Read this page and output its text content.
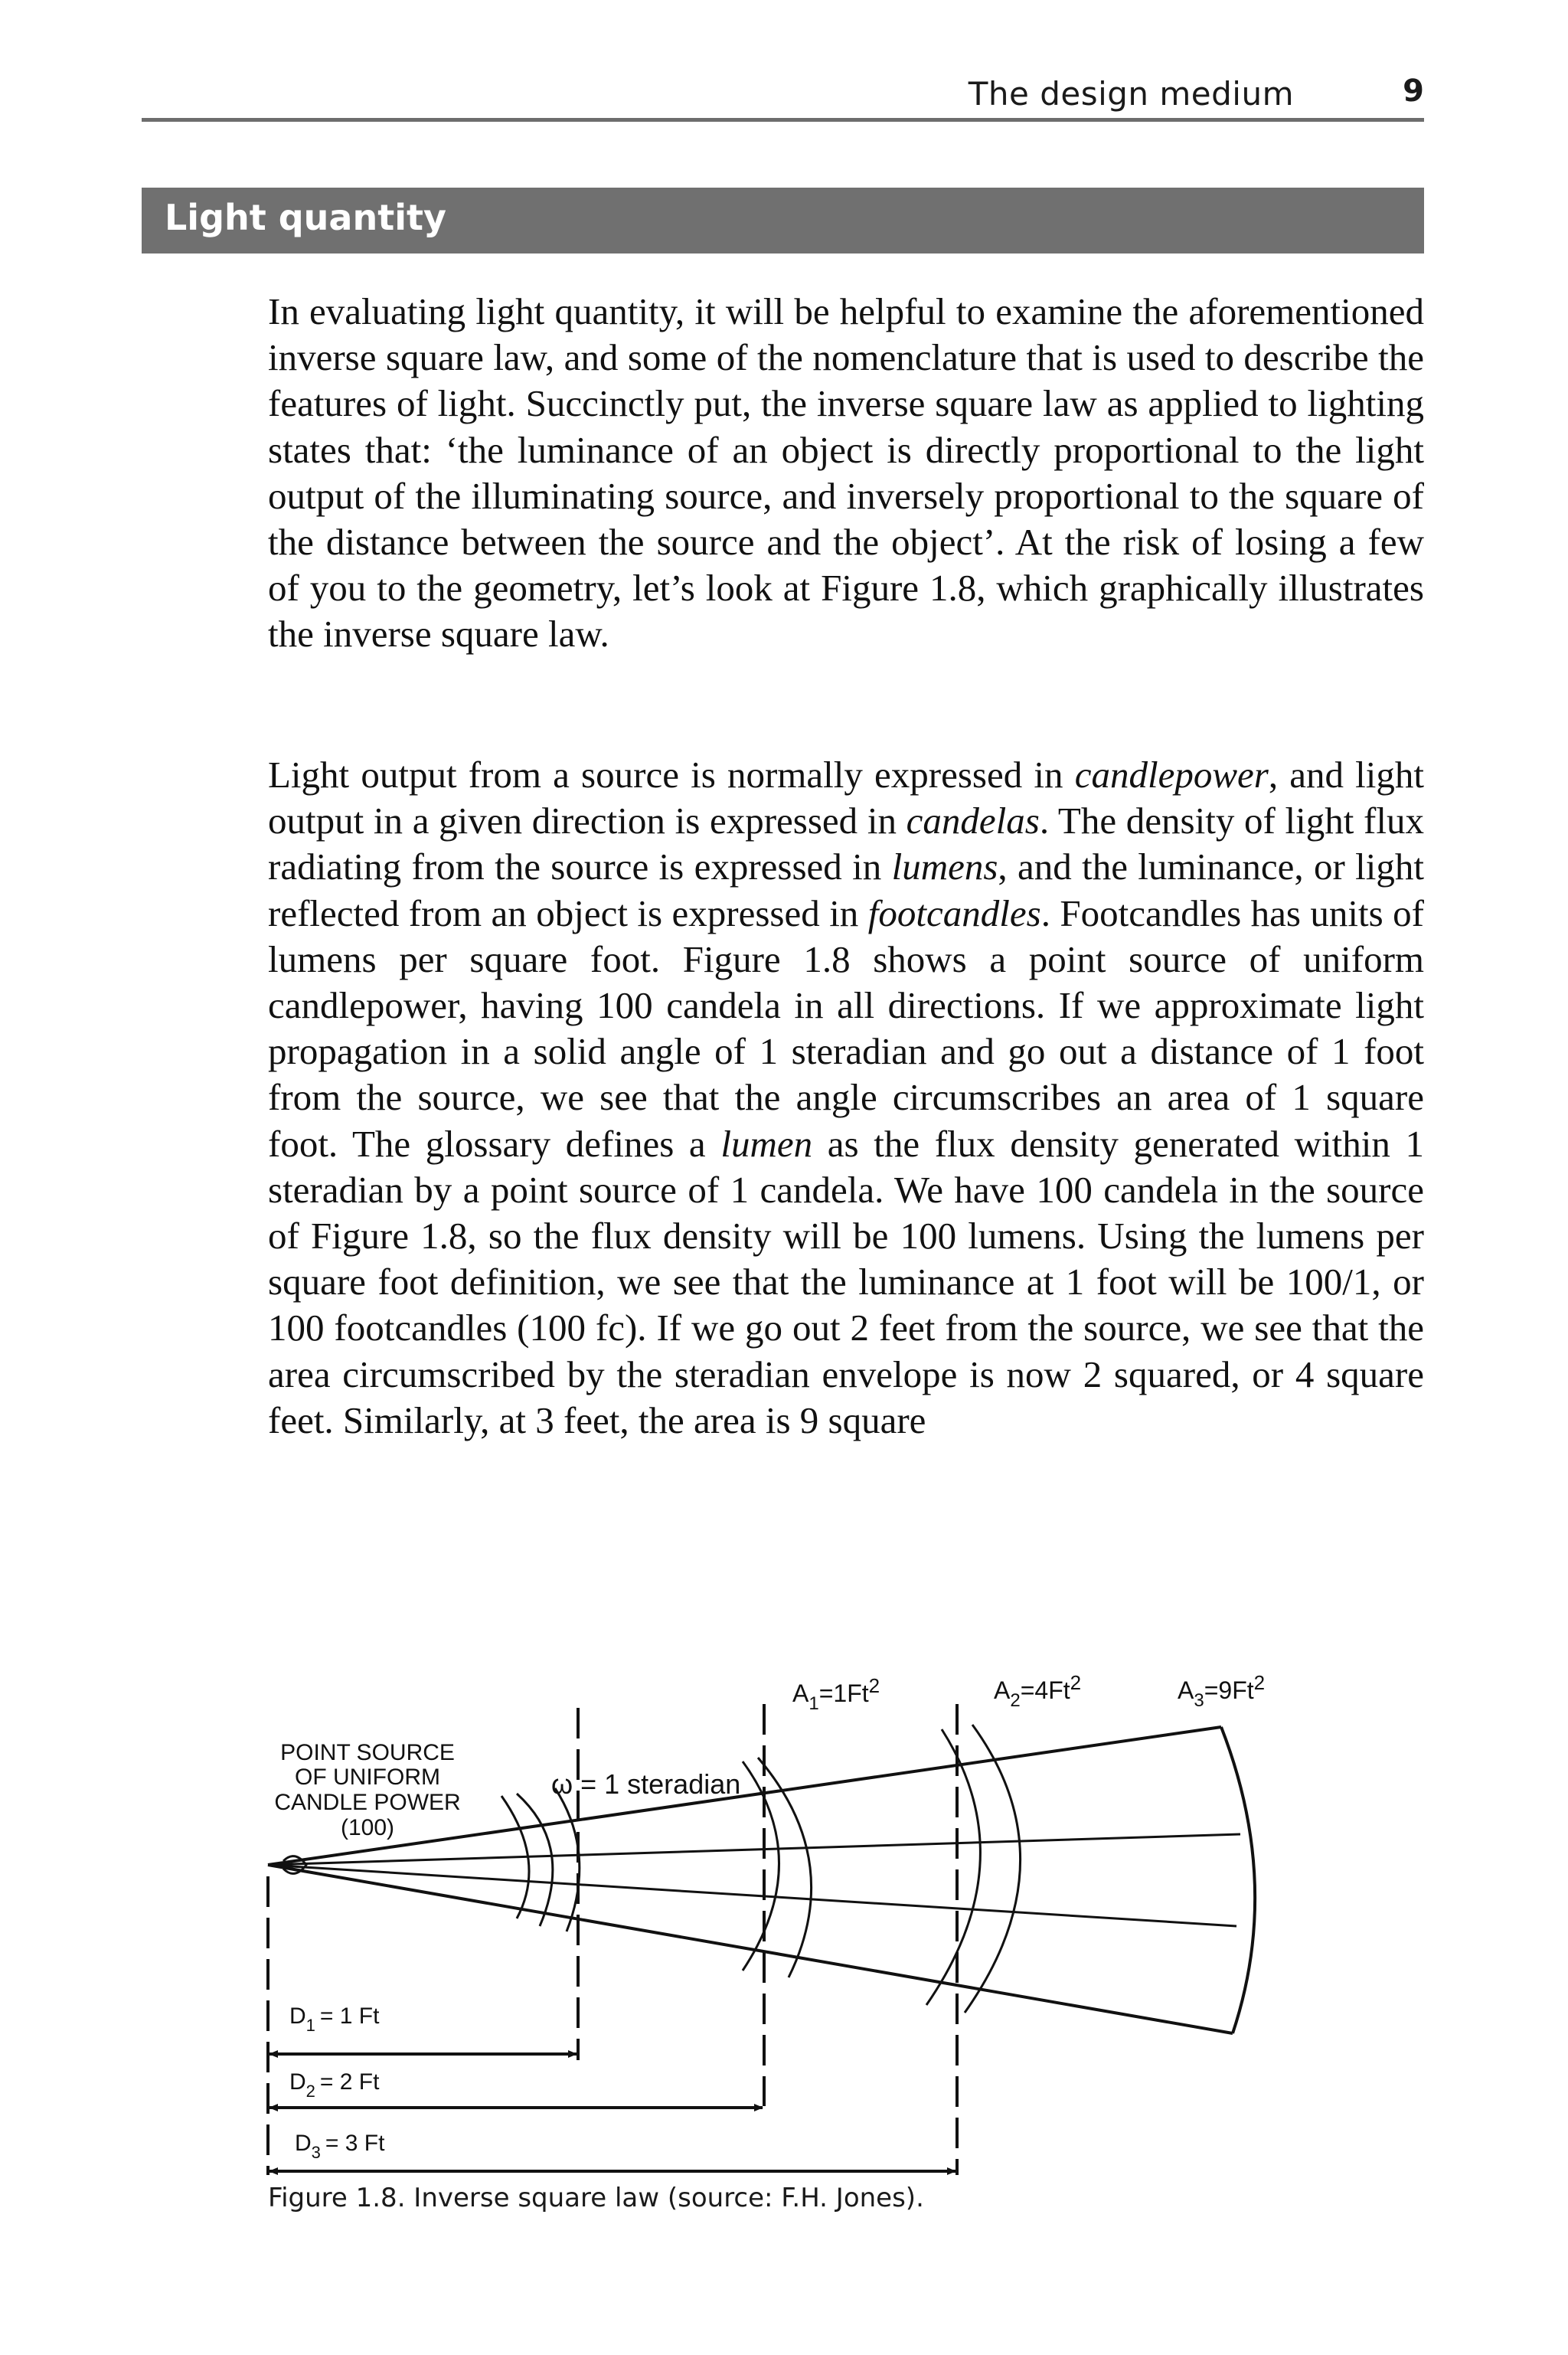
The design medium	9
Light quantity

In evaluating light quantity, it will be helpful to examine the aforementioned inverse square law, and some of the nomenclature that is used to describe the features of light. Succinctly put, the inverse square law as applied to lighting states that: ‘the luminance of an object is directly proportional to the light output of the illuminating source, and inversely proportional to the square of the distance between the source and the object’. At the risk of losing a few of you to the geometry, let’s look at Figure 1.8, which graphically illustrates the inverse square law.

Light output from a source is normally expressed in candlepower, and light output in a given direction is expressed in candelas. The density of light flux radiating from the source is expressed in lumens, and the luminance, or light reflected from an object is expressed in footcandles. Footcandles has units of lumens per square foot. Figure 1.8 shows a point source of uniform candlepower, having 100 candela in all directions. If we approximate light propagation in a solid angle of 1 steradian and go out a distance of 1 foot from the source, we see that the angle circumscribes an area of 1 square foot. The glossary defines a lumen as the flux density generated within 1 steradian by a point source of 1 candela. We have 100 candela in the source of Figure 1.8, so the flux density will be 100 lumens. Using the lumens per square foot definition, we see that the luminance at 1 foot will be 100/1, or 100 footcandles (100 fc). If we go out 2 feet from the source, we see that the area circumscribed by the steradian envelope is now 2 squared, or 4 square feet. Similarly, at 3 feet, the area is 9 square

POINT SOURCE
OF UNIFORM
CANDLE POWER
(100)
ω = 1 steradian
$A_1=1Ft^2$	$A_2=4Ft^2$	$A_3=9Ft^2$
$D_1 = 1$ Ft
$D_2 = 2$ Ft
$D_3 = 3$ Ft
Figure 1.8. Inverse square law (source: F.H. Jones).
